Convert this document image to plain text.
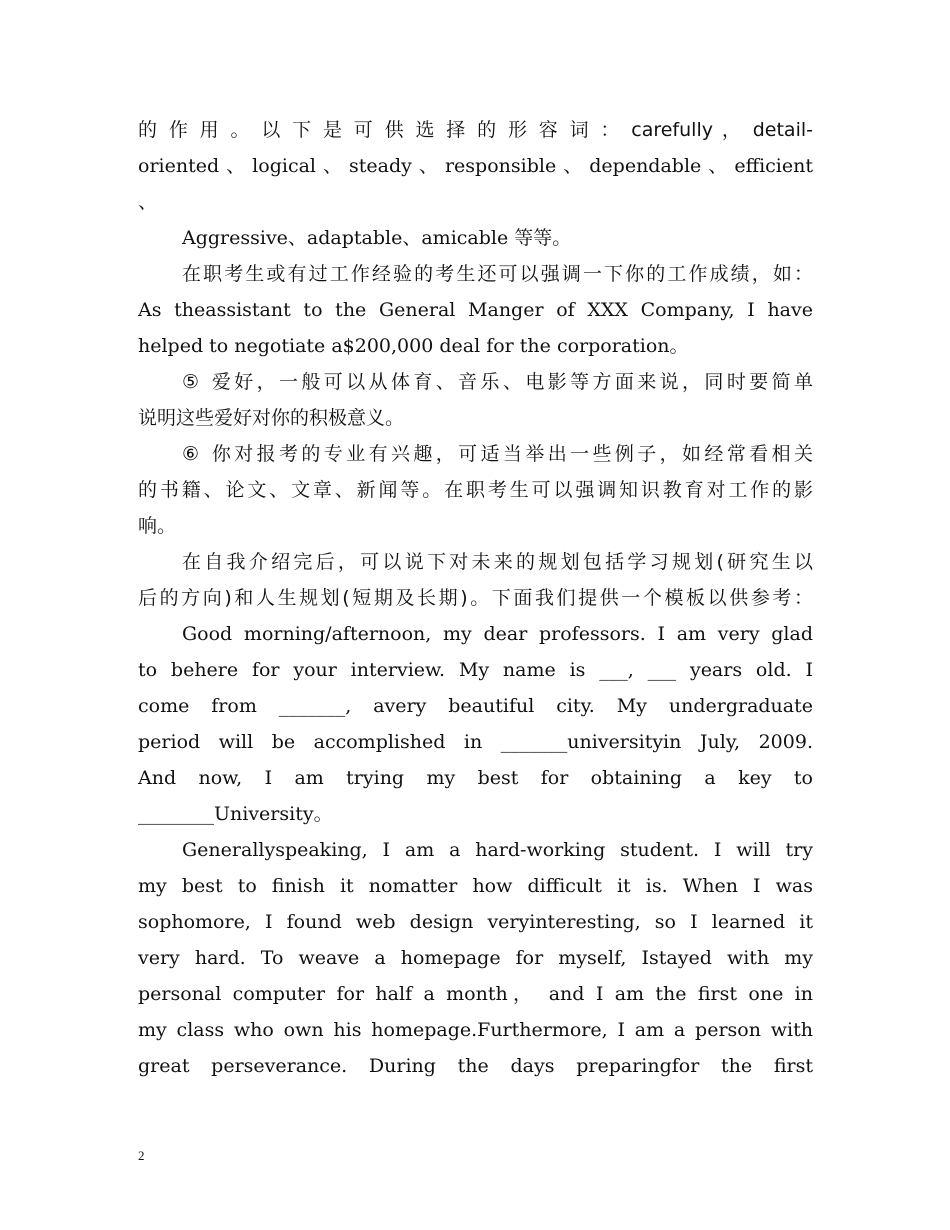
的 作 用 。 以 下 是 可 供 选 择 的 形 容 词 ： carefully ， detail-
oriented、logical、steady、responsible、dependable、efficient
、
Aggressive、adaptable、amicable 等等。
在职考生或有过工作经验的考生还可以强调一下你的工作成绩，如：
As theassistant to the General Manger of XXX Company, I have
helped to negotiate a$200,000 deal for the corporation。
⑤ 爱好，一般可以从体育、音乐、电影等方面来说，同时要简单
说明这些爱好对你的积极意义。
⑥ 你对报考的专业有兴趣，可适当举出一些例子，如经常看相关
的书籍、论文、文章、新闻等。在职考生可以强调知识教育对工作的影
响。
在自我介绍完后，可以说下对未来的规划包括学习规划(研究生以
后的方向)和人生规划(短期及长期)。下面我们提供一个模板以供参考：
Good morning/afternoon, my dear professors. I am very glad
to behere for your interview. My name is ___, ___ years old. I
come from _______, avery beautiful city. My undergraduate
period will be accomplished in _______universityin July, 2009.
And now, I am trying my best for obtaining a key to
________University。
Generallyspeaking, I am a hard-working student. I will try
my best to finish it nomatter how difficult it is. When I was
sophomore, I found web design veryinteresting, so I learned it
very hard. To weave a homepage for myself, Istayed with my
personal computer for half a month， and I am the first one in
my class who own his homepage.Furthermore, I am a person with
great perseverance. During the days preparingfor the first
2
